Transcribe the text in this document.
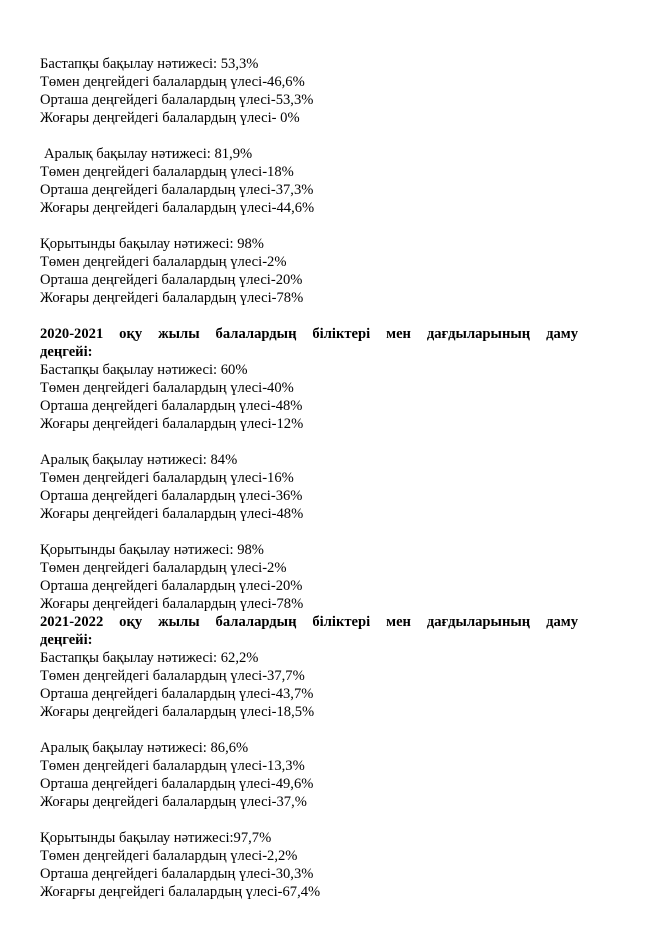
Бастапқы бақылау нәтижесі: 53,3%
Төмен деңгейдегі балалардың үлесі-46,6%
Орташа деңгейдегі балалардың үлесі-53,3%
Жоғары деңгейдегі балалардың үлесі- 0%
Аралық бақылау нәтижесі: 81,9%
Төмен деңгейдегі балалардың үлесі-18%
Орташа деңгейдегі балалардың үлесі-37,3%
Жоғары деңгейдегі балалардың үлесі-44,6%
Қорытынды бақылау нәтижесі: 98%
Төмен деңгейдегі балалардың үлесі-2%
Орташа деңгейдегі балалардың үлесі-20%
Жоғары деңгейдегі балалардың үлесі-78%
2020-2021 оқу жылы балалардың біліктері мен дағдыларының даму
деңгейі:
Бастапқы бақылау нәтижесі: 60%
Төмен деңгейдегі балалардың үлесі-40%
Орташа деңгейдегі балалардың үлесі-48%
Жоғары деңгейдегі балалардың үлесі-12%
Аралық бақылау нәтижесі: 84%
Төмен деңгейдегі балалардың үлесі-16%
Орташа деңгейдегі балалардың үлесі-36%
Жоғары деңгейдегі балалардың үлесі-48%
Қорытынды бақылау нәтижесі: 98%
Төмен деңгейдегі балалардың үлесі-2%
Орташа деңгейдегі балалардың үлесі-20%
Жоғары деңгейдегі балалардың үлесі-78%
2021-2022 оқу жылы балалардың біліктері мен дағдыларының даму
деңгейі:
Бастапқы бақылау нәтижесі: 62,2%
Төмен деңгейдегі балалардың үлесі-37,7%
Орташа деңгейдегі балалардың үлесі-43,7%
Жоғары деңгейдегі балалардың үлесі-18,5%
Аралық бақылау нәтижесі: 86,6%
Төмен деңгейдегі балалардың үлесі-13,3%
Орташа деңгейдегі балалардың үлесі-49,6%
Жоғары деңгейдегі балалардың үлесі-37,%
Қорытынды бақылау нәтижесі:97,7%
Төмен деңгейдегі балалардың үлесі-2,2%
Орташа деңгейдегі балалардың үлесі-30,3%
Жоғарғы деңгейдегі балалардың үлесі-67,4%
